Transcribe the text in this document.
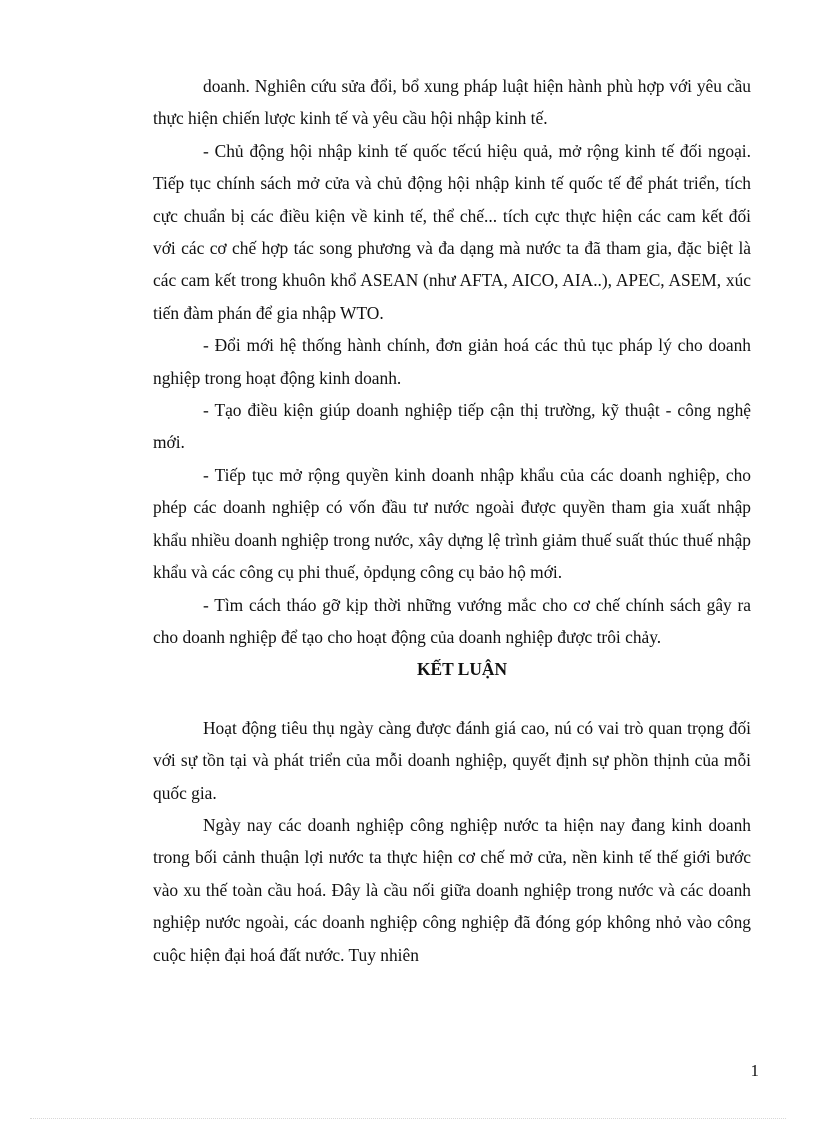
doanh. Nghiên cứu sửa đổi, bổ xung pháp luật hiện hành phù hợp với yêu cầu thực hiện chiến lược kinh tế và yêu cầu hội nhập kinh tế.

- Chủ động hội nhập kinh tế quốc tếcú hiệu quả, mở rộng kinh tế đối ngoại. Tiếp tục chính sách mở cửa và chủ động hội nhập kinh tế quốc tế để phát triển, tích cực chuẩn bị các điều kiện về kinh tế, thể chế... tích cực thực hiện các cam kết đối với các cơ chế hợp tác song phương và đa dạng mà nước ta đã tham gia, đặc biệt là các cam kết trong khuôn khổ ASEAN (như AFTA, AICO, AIA..), APEC, ASEM, xúc tiến đàm phán để gia nhập WTO.

- Đổi mới hệ thống hành chính, đơn giản hoá các thủ tục pháp lý cho doanh nghiệp trong hoạt động kinh doanh.

- Tạo điều kiện giúp doanh nghiệp tiếp cận thị trường, kỹ thuật - công nghệ mới.

- Tiếp tục mở rộng quyền kinh doanh nhập khẩu của các doanh nghiệp, cho phép các doanh nghiệp có vốn đầu tư nước ngoài được quyền tham gia xuất nhập khẩu nhiều doanh nghiệp trong nước, xây dựng lệ trình giảm thuế suất thúc thuế nhập khẩu và các công cụ phi thuế, ỏpdụng công cụ bảo hộ mới.

- Tìm cách tháo gỡ kịp thời những vướng mắc cho cơ chế chính sách gây ra cho doanh nghiệp để tạo cho hoạt động của doanh nghiệp được trôi chảy.

KẾT LUẬN

Hoạt động tiêu thụ ngày càng được đánh giá cao, nú có vai trò quan trọng đối với sự tồn tại và phát triển của mỗi doanh nghiệp, quyết định sự phồn thịnh của mỗi quốc gia.

Ngày nay các doanh nghiệp công nghiệp nước ta hiện nay đang kinh doanh trong bối cảnh thuận lợi nước ta thực hiện cơ chế mở cửa, nền kinh tế thế giới bước vào xu thế toàn cầu hoá. Đây là cầu nối giữa doanh nghiệp trong nước và các doanh nghiệp nước ngoài, các doanh nghiệp công nghiệp đã đóng góp không nhỏ vào công cuộc hiện đại hoá đất nước. Tuy nhiên

1
